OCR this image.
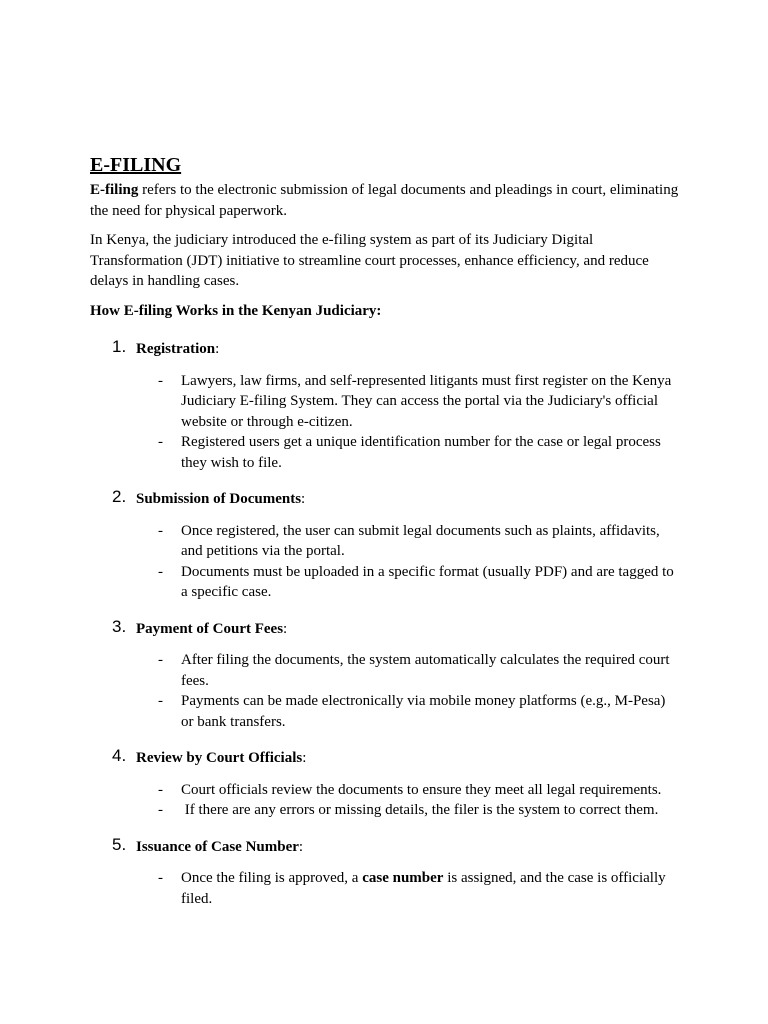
E-FILING

E-filing refers to the electronic submission of legal documents and pleadings in court, eliminating the need for physical paperwork.

In Kenya, the judiciary introduced the e-filing system as part of its Judiciary Digital Transformation (JDT) initiative to streamline court processes, enhance efficiency, and reduce delays in handling cases.

How E-filing Works in the Kenyan Judiciary:

1. Registration:
- Lawyers, law firms, and self-represented litigants must first register on the Kenya Judiciary E-filing System. They can access the portal via the Judiciary's official website or through e-citizen.
- Registered users get a unique identification number for the case or legal process they wish to file.
2. Submission of Documents:
- Once registered, the user can submit legal documents such as plaints, affidavits, and petitions via the portal.
- Documents must be uploaded in a specific format (usually PDF) and are tagged to a specific case.
3. Payment of Court Fees:
- After filing the documents, the system automatically calculates the required court fees.
- Payments can be made electronically via mobile money platforms (e.g., M-Pesa) or bank transfers.
4. Review by Court Officials:
- Court officials review the documents to ensure they meet all legal requirements.
- If there are any errors or missing details, the filer is the system to correct them.
5. Issuance of Case Number:
- Once the filing is approved, a case number is assigned, and the case is officially filed.
